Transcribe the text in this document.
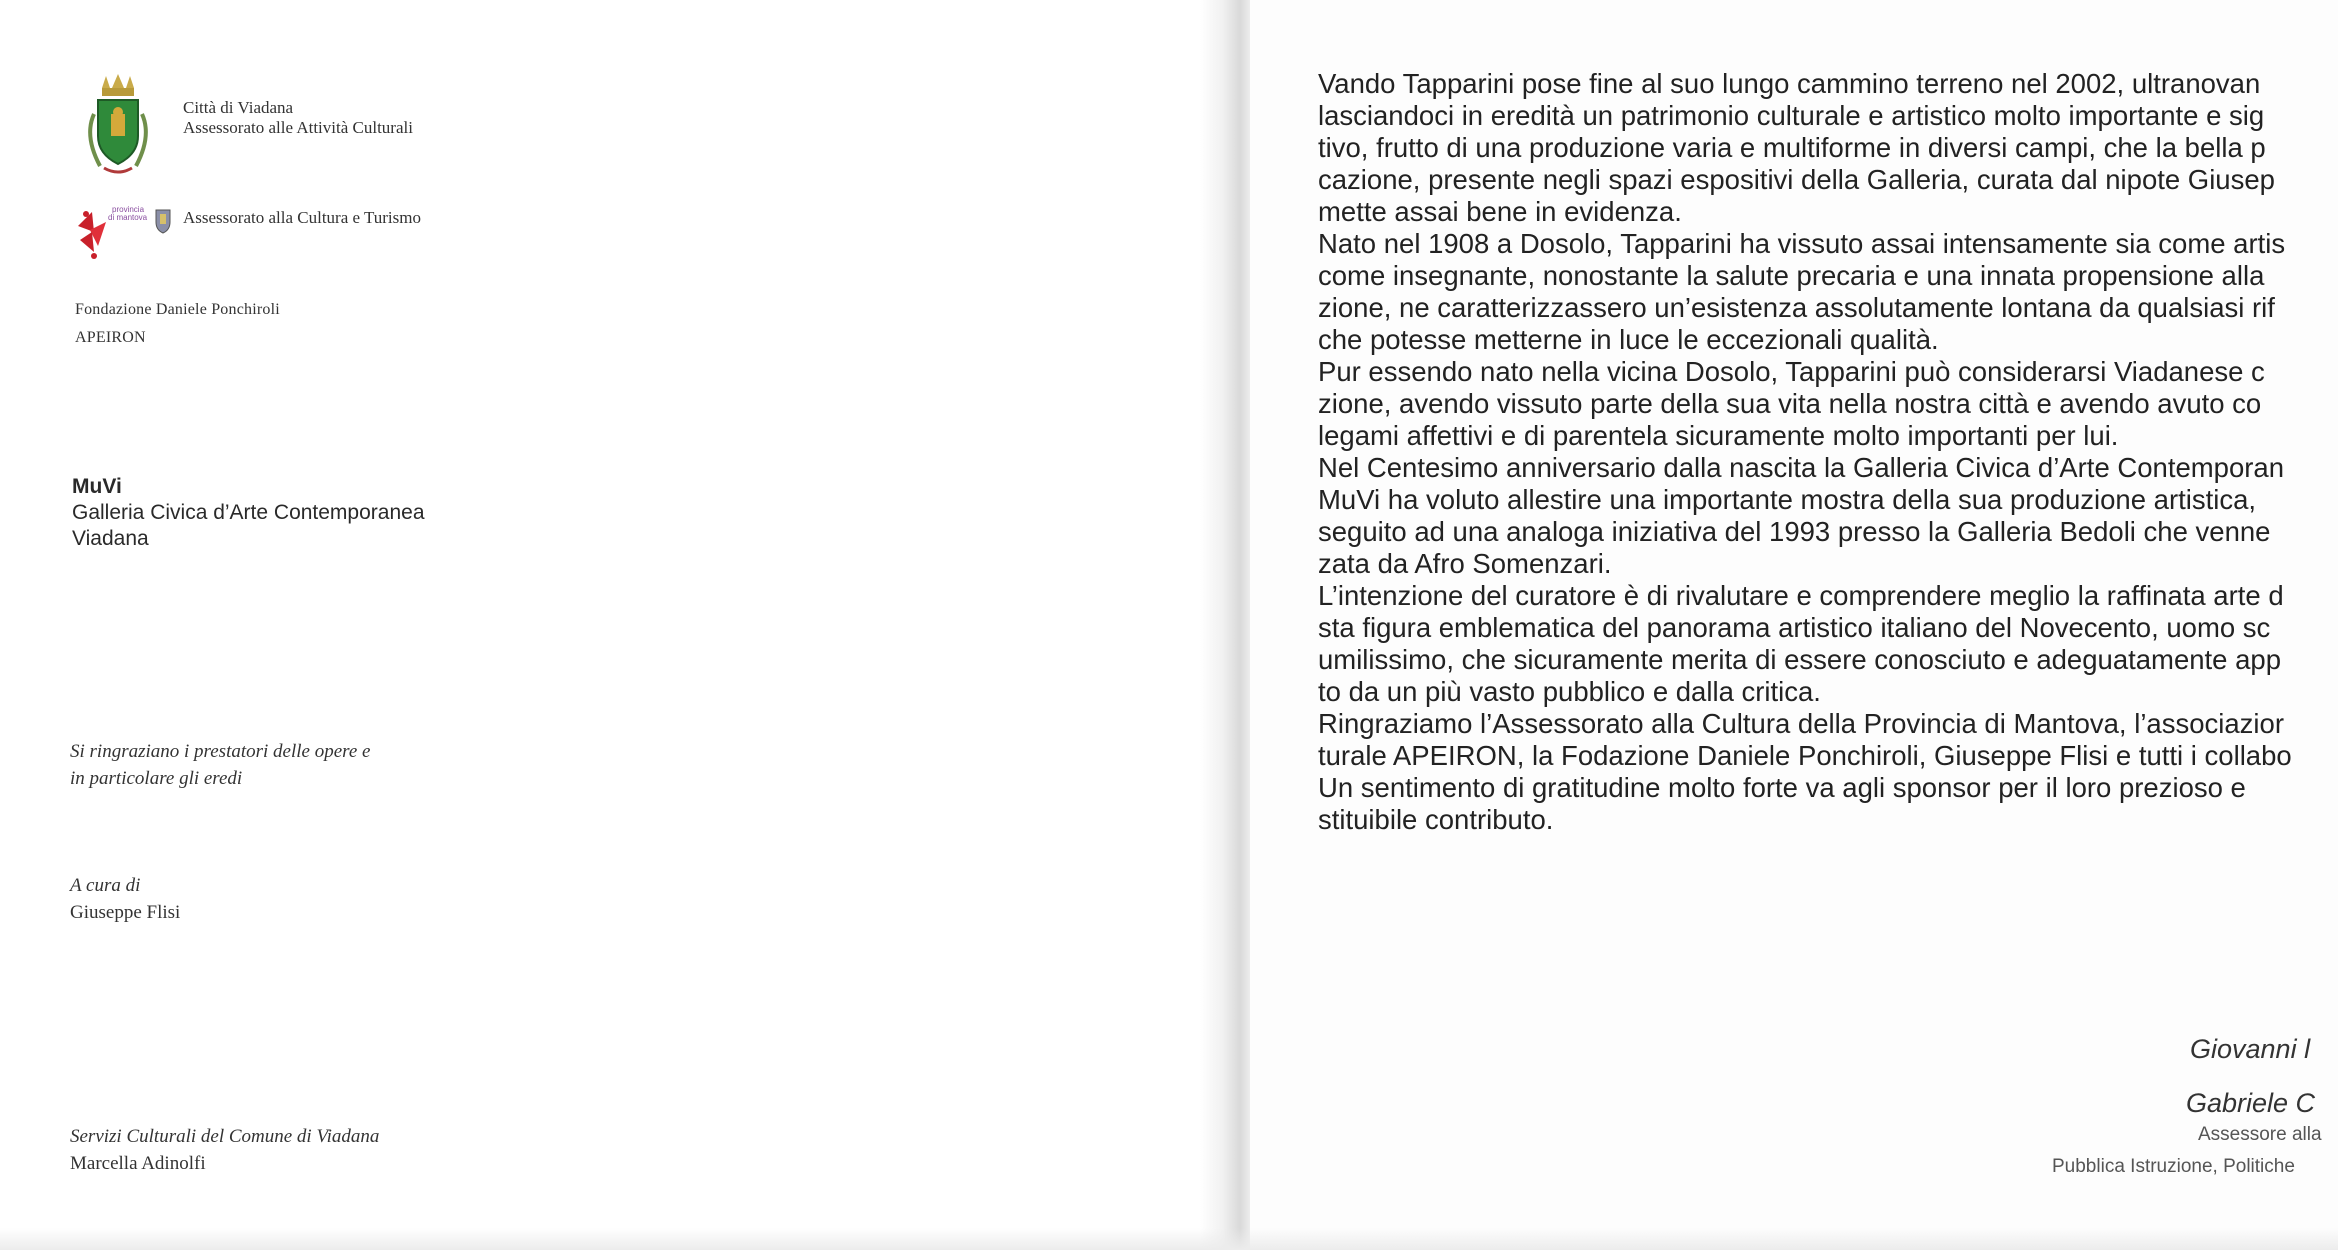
Città di Viadana
Assessorato alle Attività Culturali
provincia
di mantova Assessorato alla Cultura e Turismo
Fondazione Daniele Ponchiroli
APEIRON
MuVi
Galleria Civica d’Arte Contemporanea
Viadana
Si ringraziano i prestatori delle opere e
in particolare gli eredi
A cura di
Giuseppe Flisi
Servizi Culturali del Comune di Viadana
Marcella Adinolfi

Vando Tapparini pose fine al suo lungo cammino terreno nel 2002, ultranovan

lasciandoci in eredità un patrimonio culturale e artistico molto importante e sig

tivo, frutto di una produzione varia e multiforme in diversi campi, che la bella p

cazione, presente negli spazi espositivi della Galleria, curata dal nipote Giusep

mette assai bene in evidenza.

Nato nel 1908 a Dosolo, Tapparini ha vissuto assai intensamente sia come artis

come insegnante, nonostante la salute precaria e una innata propensione alla

zione, ne caratterizzassero un’esistenza assolutamente lontana da qualsiasi rif

che potesse metterne in luce le eccezionali qualità.

Pur essendo nato nella vicina Dosolo, Tapparini può considerarsi Viadanese c

zione, avendo vissuto parte della sua vita nella nostra città e avendo avuto co

legami affettivi e di parentela sicuramente molto importanti per lui.

Nel Centesimo anniversario dalla nascita la Galleria Civica d’Arte Contemporan

MuVi ha voluto allestire una importante mostra della sua produzione artistica,

seguito ad una analoga iniziativa del 1993 presso la Galleria Bedoli che venne

zata da Afro Somenzari.

L’intenzione del curatore è di rivalutare e comprendere meglio la raffinata arte d

sta figura emblematica del panorama artistico italiano del Novecento, uomo sc

umilissimo, che sicuramente merita di essere conosciuto e adeguatamente app

to da un più vasto pubblico e dalla critica.

Ringraziamo l’Assessorato alla Cultura della Provincia di Mantova, l’associazior

turale APEIRON, la Fodazione Daniele Ponchiroli, Giuseppe Flisi e tutti i collabo

Un sentimento di gratitudine molto forte va agli sponsor per il loro prezioso e

stituibile contributo.

Giovanni l
Gabriele C
Assessore alla
Pubblica Istruzione, Politiche
